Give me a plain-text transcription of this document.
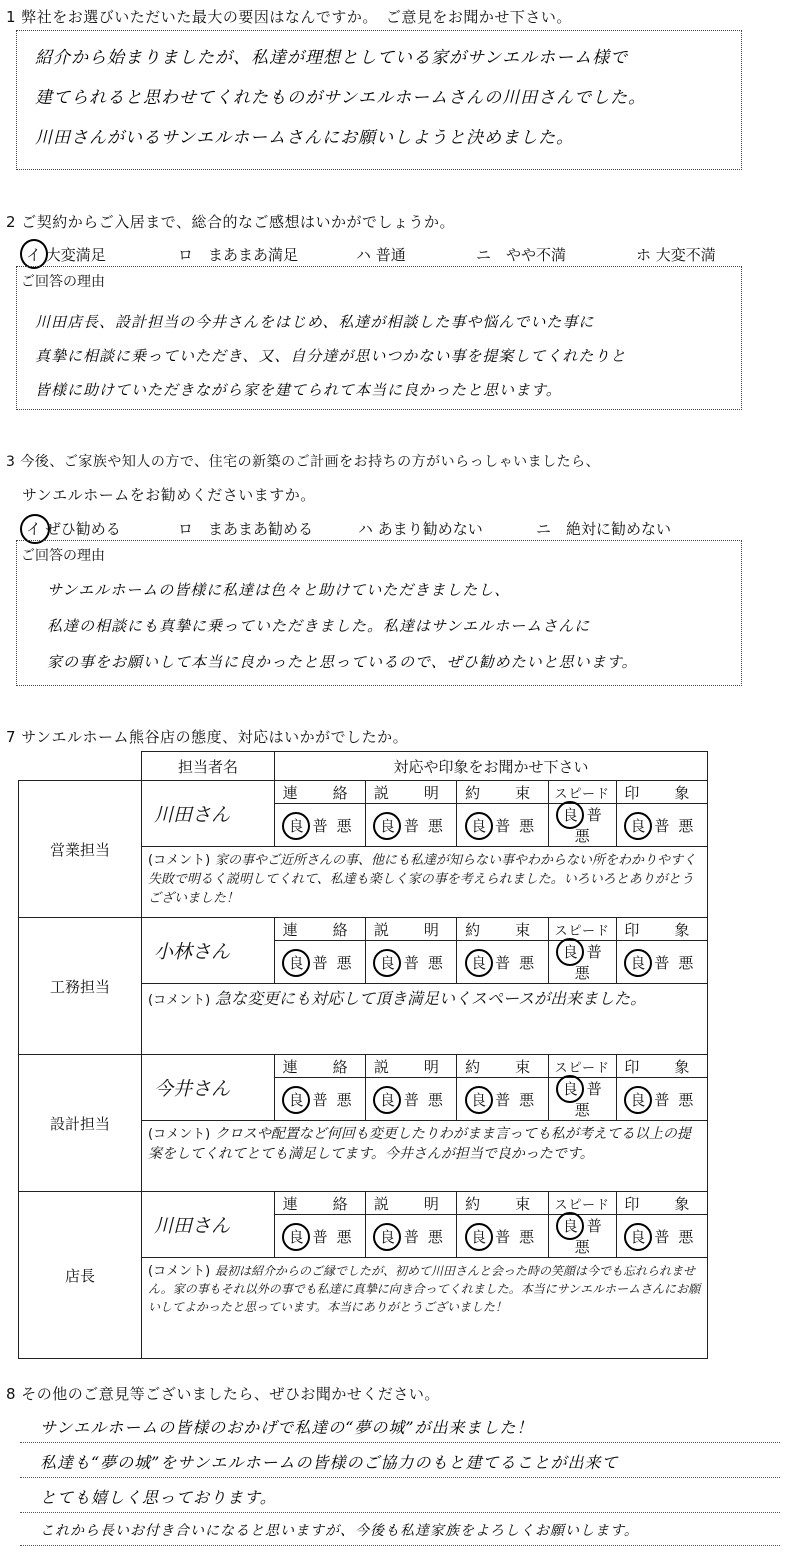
1 弊社をお選びいただいた最大の要因はなんですか。　ご意見をお聞かせ下さい。
紹介から始まりましたが、私達が理想としている家がサンエルホーム様で
建てられると思わせてくれたものがサンエルホームさんの川田さんでした。
川田さんがいるサンエルホームさんにお願いしようと決めました。
2 ご契約からご入居まで、総合的なご感想はいかがでしょうか。
イ 大変満足	ロ　まあまあ満足	ハ 普通	ニ　やや不満	ホ 大変不満
ご回答の理由
川田店長、設計担当の今井さんをはじめ、私達が相談した事や悩んでいた事に
真摯に相談に乗っていただき、又、自分達が思いつかない事を提案してくれたりと
皆様に助けていただきながら家を建てられて本当に良かったと思います。
3 今後、ご家族や知人の方で、住宅の新築のご計画をお持ちの方がいらっしゃいましたら、
サンエルホームをお勧めくださいますか。
イ ぜひ勧める	ロ　まあまあ勧める	ハ あまり勧めない	ニ　絶対に勧めない
ご回答の理由
サンエルホームの皆様に私達は色々と助けていただきましたし、
私達の相談にも真摯に乗っていただきました。私達はサンエルホームさんに
家の事をお願いして本当に良かったと思っているので、ぜひ勧めたいと思います。
7 サンエルホーム熊谷店の態度、対応はいかがでしたか。
	担当者名	対応や印象をお聞かせ下さい				
営業担当	川田さん	連　絡	説　明	約　束	スピード	印　象
		良 普 悪	良 普 悪	良 普 悪	良 普悪	良 普 悪
	(コメント) 家の事やご近所さんの事、他にも私達が知らない事やわからない所をわかりやすく失敗で明るく説明してくれて、私達も楽しく家の事を考えられました。いろいろとありがとうございました！					
工務担当	小林さん	連　絡	説　明	約　束	スピード	印　象
		良 普 悪	良 普 悪	良 普 悪	良 普悪	良 普 悪
	(コメント) 急な変更にも対応して頂き満足いくスペースが出来ました。					
設計担当	今井さん	連　絡	説　明	約　束	スピード	印　象
		良 普 悪	良 普 悪	良 普 悪	良 普悪	良 普 悪
	(コメント) クロスや配置など何回も変更したりわがまま言っても私が考えてる以上の提案をしてくれてとても満足してます。今井さんが担当で良かったです。					
店長	川田さん	連　絡	説　明	約　束	スピード	印　象
		良 普 悪	良 普 悪	良 普 悪	良 普悪	良 普 悪
	(コメント) 最初は紹介からのご縁でしたが、初めて川田さんと会った時の笑顔は今でも忘れられません。家の事もそれ以外の事でも私達に真摯に向き合ってくれました。本当にサンエルホームさんにお願いしてよかったと思っています。本当にありがとうございました！					
8 その他のご意見等ございましたら、ぜひお聞かせください。
サンエルホームの皆様のおかげで私達の“夢の城”が出来ました！
私達も“夢の城”をサンエルホームの皆様のご協力のもと建てることが出来て
とても嬉しく思っております。
これから長いお付き合いになると思いますが、今後も私達家族をよろしくお願いします。
